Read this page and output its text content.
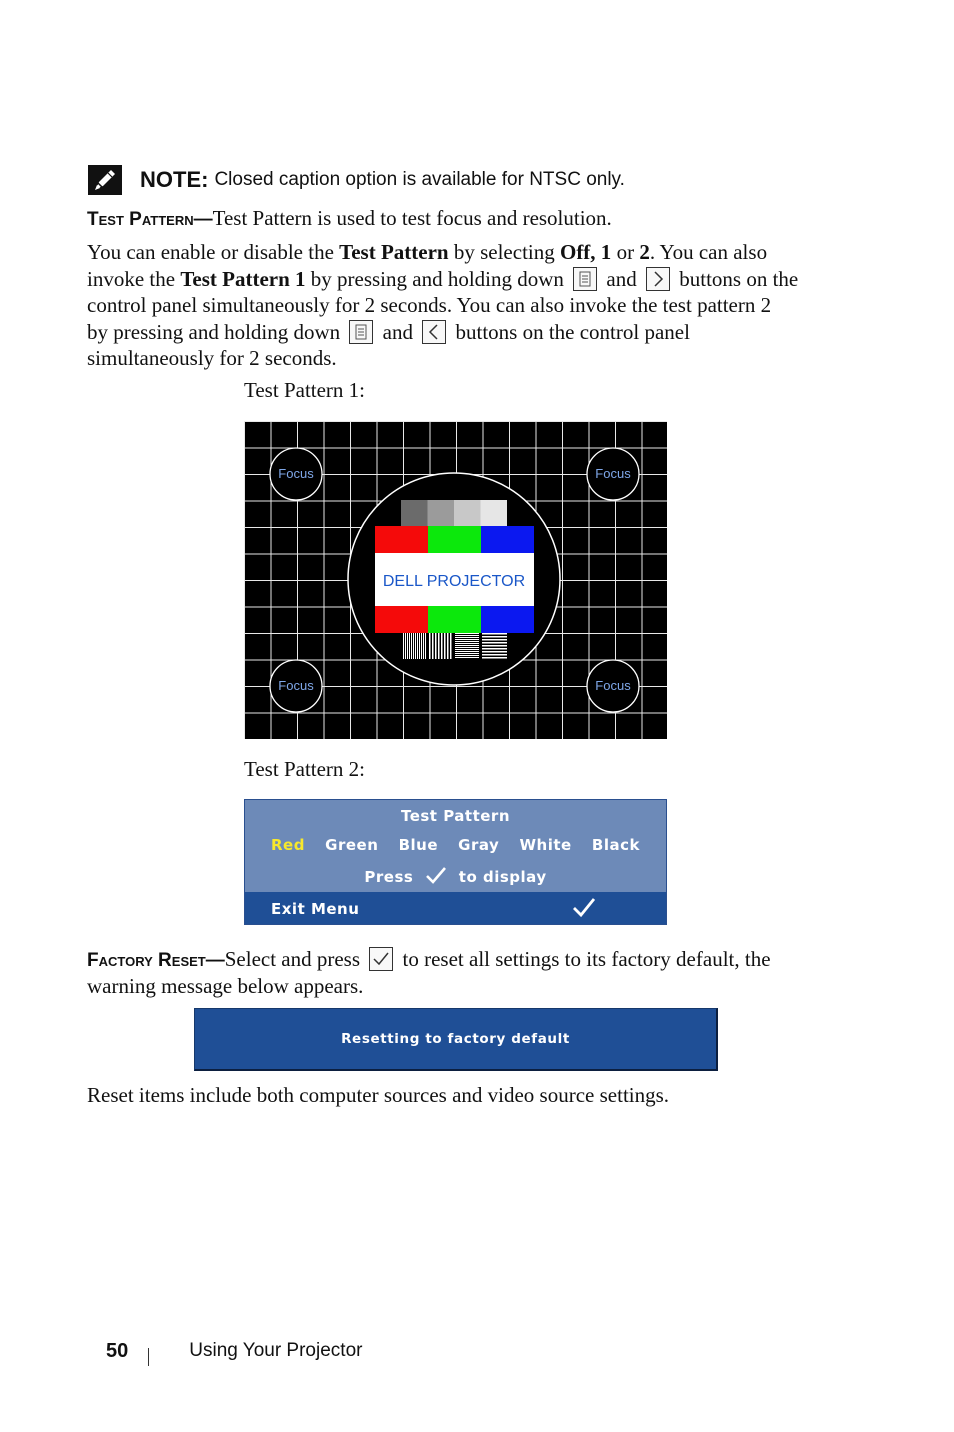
NOTE: Closed caption option is available for NTSC only.
Test Pattern—Test Pattern is used to test focus and resolution.
You can enable or disable the Test Pattern by selecting Off, 1 or 2. You can also
invoke the Test Pattern 1 by pressing and holding down and buttons on the
control panel simultaneously for 2 seconds. You can also invoke the test pattern 2
by pressing and holding down and buttons on the control panel
simultaneously for 2 seconds.
Test Pattern 1:
DELL PROJECTOR
Focus	Focus
Focus	Focus
Test Pattern 2:
Test Pattern
Red Green Blue Gray White Black
Press	to display
Exit Menu
Factory Reset—Select and press to reset all settings to its factory default, the
warning message below appears.
Resetting to factory default
Reset items include both computer sources and video source settings.
50	Using Your Projector
